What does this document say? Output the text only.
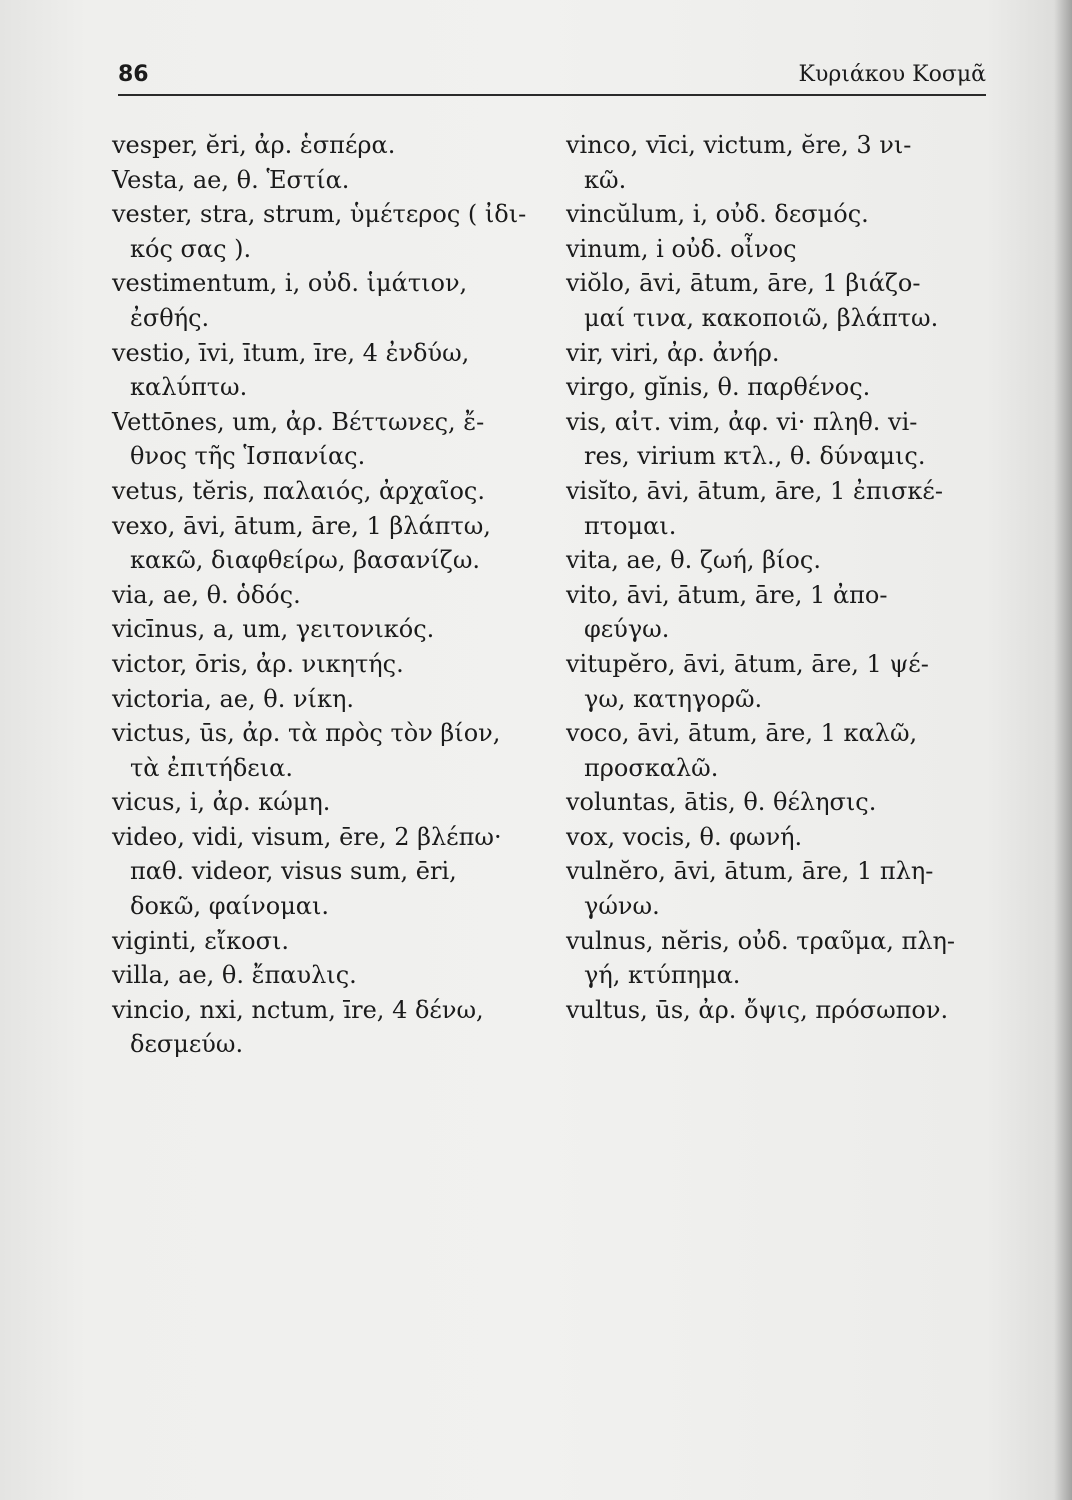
86	Κυριάκου Κοσμᾶ
vesper, ĕri, ἀρ. ἑσπέρα.
Vesta, ae, θ. Ἑστία.
vester, stra, strum, ὑμέτερος ( ἰδι-
κός σας ).
vestimentum, i, οὐδ. ἱμάτιον,
ἐσθής.
vestio, īvi, ītum, īre, 4 ἐνδύω,
καλύπτω.
Vettōnes, um, ἀρ. Βέττωνες, ἔ-
θνος τῆς Ἱσπανίας.
vetus, tĕris, παλαιός, ἀρχαῖος.
vexo, āvi, ātum, āre, 1 βλάπτω,
κακῶ, διαφθείρω, βασανίζω.
via, ae, θ. ὁδός.
vicīnus, a, um, γειτονικός.
victor, ōris, ἀρ. νικητής.
victoria, ae, θ. νίκη.
victus, ūs, ἀρ. τὰ πρὸς τὸν βίον,
τὰ ἐπιτήδεια.
vicus, i, ἀρ. κώμη.
video, vidi, visum, ēre, 2 βλέπω·
παθ. videor, visus sum, ēri,
δοκῶ, φαίνομαι.
viginti, εἴκοσι.
villa, ae, θ. ἔπαυλις.
vincio, nxi, nctum, īre, 4 δένω,
δεσμεύω.
vinco, vīci, victum, ĕre, 3 νι-
κῶ.
vincŭlum, i, οὐδ. δεσμός.
vinum, i οὐδ. οἶνος
viŏlo, āvi, ātum, āre, 1 βιάζο-
μαί τινα, κακοποιῶ, βλάπτω.
vir, viri, ἀρ. ἀνήρ.
virgo, gĭnis, θ. παρθένος.
vis, αἰτ. vim, ἀφ. vi· πληθ. vi-
res, virium κτλ., θ. δύναμις.
visĭto, āvi, ātum, āre, 1 ἐπισκέ-
πτομαι.
vita, ae, θ. ζωή, βίος.
vito, āvi, ātum, āre, 1 ἀπο-
φεύγω.
vitupĕro, āvi, ātum, āre, 1 ψέ-
γω, κατηγορῶ.
voco, āvi, ātum, āre, 1 καλῶ,
προσκαλῶ.
voluntas, ātis, θ. θέλησις.
vox, vocis, θ. φωνή.
vulnĕro, āvi, ātum, āre, 1 πλη-
γώνω.
vulnus, nĕris, οὐδ. τραῦμα, πλη-
γή, κτύπημα.
vultus, ūs, ἀρ. ὄψις, πρόσωπον.
